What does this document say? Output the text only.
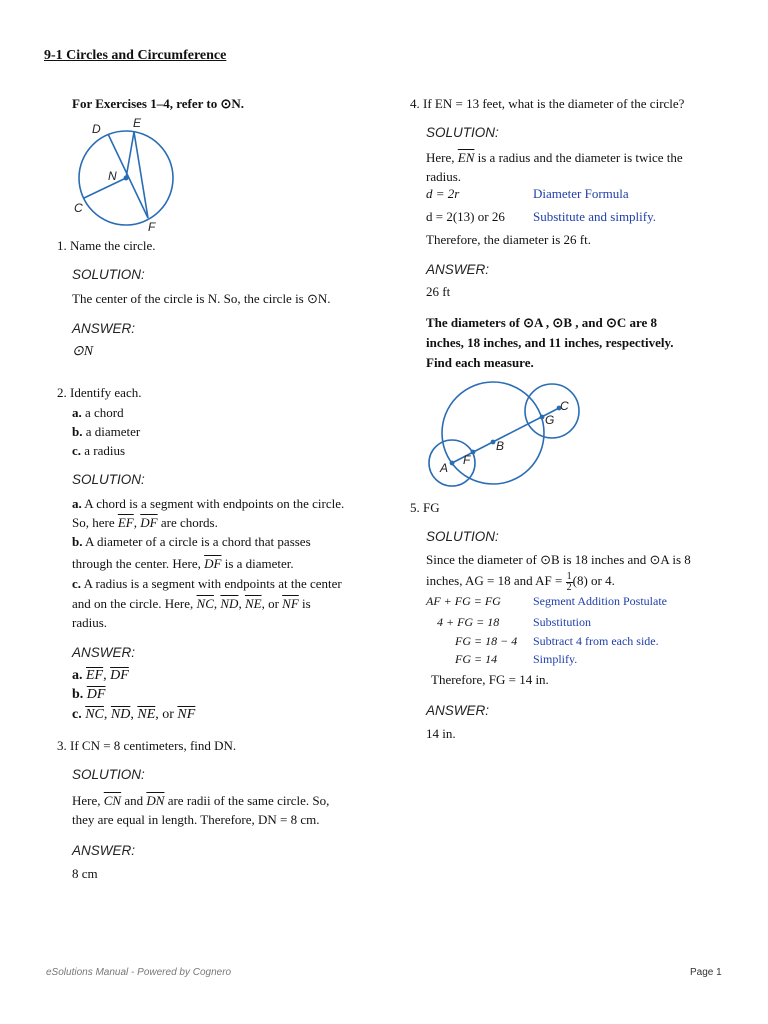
9-1 Circles and Circumference
For Exercises 1–4, refer to ⊙N.
D	E
N
C
F
1. Name the circle.
SOLUTION:
The center of the circle is N. So, the circle is ⊙N.
ANSWER:
⊙N
2. Identify each.
a. a chord
b. a diameter
c. a radius
SOLUTION:
a. A chord is a segment with endpoints on the circle.
So, here $\overline{EF}$, $\overline{DF}$ are chords.
b. A diameter of a circle is a chord that passes
through the center. Here, $\overline{DF}$ is a diameter.
c. A radius is a segment with endpoints at the center
and on the circle. Here, $\overline{NC}$, $\overline{ND}$, $\overline{NE}$, or $\overline{NF}$ is
radius.
ANSWER:
a. $\overline{EF}$, $\overline{DF}$
b. $\overline{DF}$
c. $\overline{NC}$, $\overline{ND}$, $\overline{NE}$, or $\overline{NF}$
3. If CN = 8 centimeters, find DN.
SOLUTION:
Here, $\overline{CN}$ and $\overline{DN}$ are radii of the same circle. So,
they are equal in length. Therefore, DN = 8 cm.
ANSWER:
8 cm
4. If EN = 13 feet, what is the diameter of the circle?
SOLUTION:
Here, $\overline{EN}$ is a radius and the diameter is twice the
radius.
d = 2r	Diameter Formula
d = 2(13) or 26 Substitute and simplify.
Therefore, the diameter is 26 ft.
ANSWER:
26 ft
The diameters of ⊙A , ⊙B , and ⊙C are 8
inches, 18 inches, and 11 inches, respectively.
Find each measure.
A
F
B
G
C
5. FG
SOLUTION:
Since the diameter of ⊙B is 18 inches and ⊙A is 8
inches, AG = 18 and AF = $\frac{1}{2} (8)$ or 4.
AF + FG = FG	Segment Addition Postulate
4 + FG = 18	Substitution
FG = 18 − 4 Subtract 4 from each side.
FG = 14	Simplify.
Therefore, FG = 14 in.
ANSWER:
14 in.
eSolutions Manual - Powered by Cognero	Page 1
